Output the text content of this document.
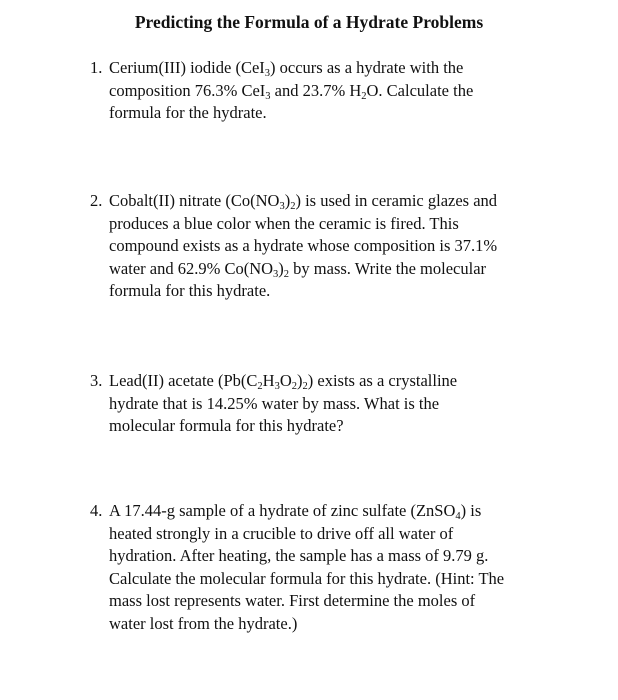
Predicting the Formula of a Hydrate Problems
1. Cerium(III) iodide (CeI$_3$) occurs as a hydrate with the
composition 76.3% CeI$_3$ and 23.7% $H_2O$. Calculate the
formula for the hydrate.
2. Cobalt(II) nitrate $(Co(NO_3)_2)$ is used in ceramic glazes and
produces a blue color when the ceramic is fired. This
compound exists as a hydrate whose composition is 37.1%
water and 62.9% $Co(NO_3)_2$ by mass. Write the molecular
formula for this hydrate.
3. Lead(II) acetate $(Pb(C_2H_3O_2)_2)$ exists as a crystalline
hydrate that is 14.25% water by mass. What is the
molecular formula for this hydrate?
4. A 17.44-g sample of a hydrate of zinc sulfate (ZnSO$_4$) is
heated strongly in a crucible to drive off all water of
hydration. After heating, the sample has a mass of 9.79 g.
Calculate the molecular formula for this hydrate. (Hint: The
mass lost represents water. First determine the moles of
water lost from the hydrate.)
